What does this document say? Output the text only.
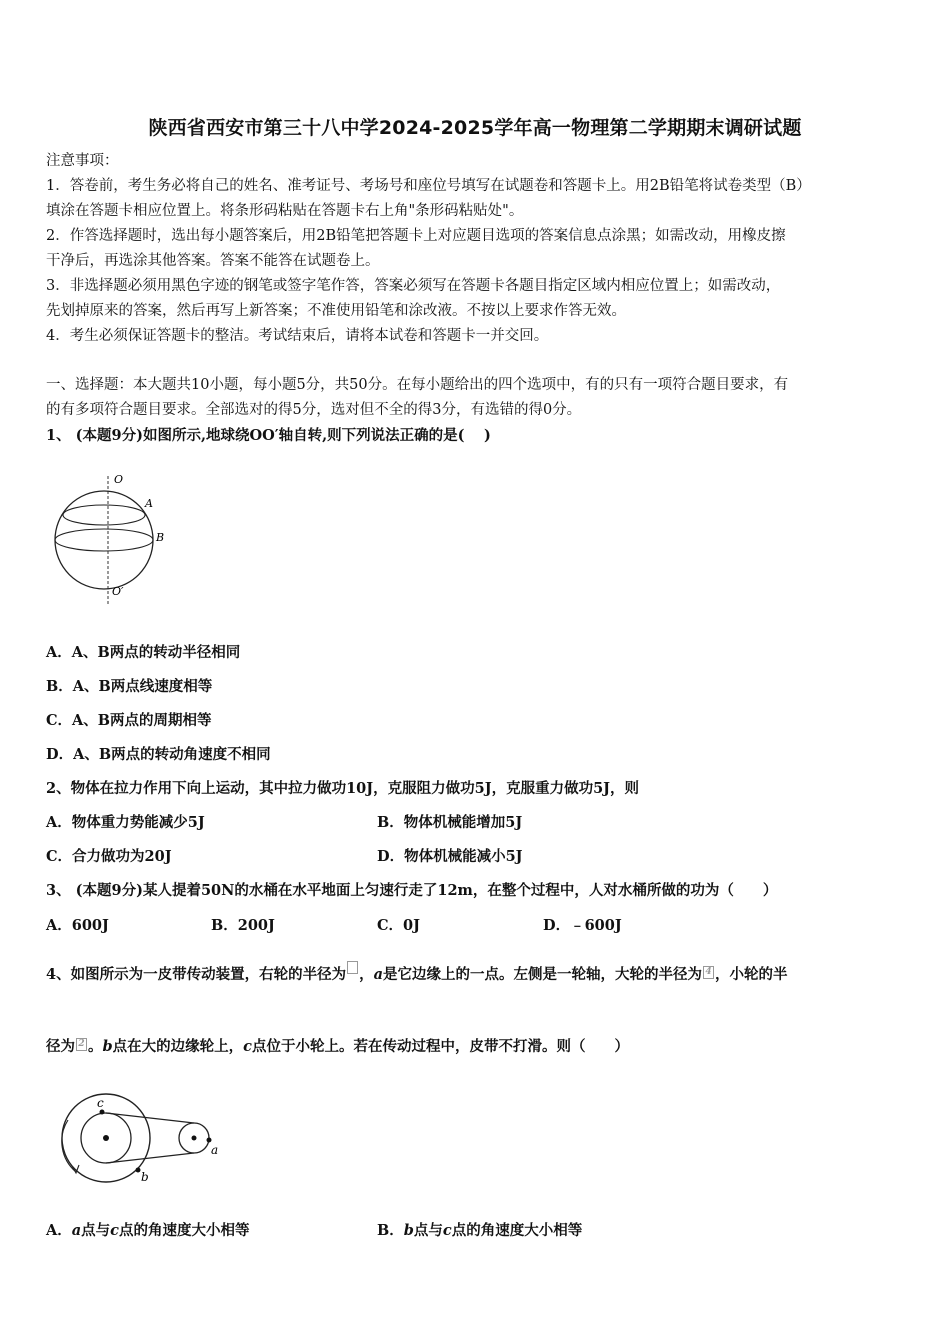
陕西省西安市第三十八中学2024-2025学年高一物理第二学期期末调研试题
注意事项：
1．答卷前，考生务必将自己的姓名、准考证号、考场号和座位号填写在试题卷和答题卡上。用2B铅笔将试卷类型（B）
填涂在答题卡相应位置上。将条形码粘贴在答题卡右上角"条形码粘贴处"。
2．作答选择题时，选出每小题答案后，用2B铅笔把答题卡上对应题目选项的答案信息点涂黑；如需改动，用橡皮擦
干净后，再选涂其他答案。答案不能答在试题卷上。
3．非选择题必须用黑色字迹的钢笔或签字笔作答，答案必须写在答题卡各题目指定区域内相应位置上；如需改动，
先划掉原来的答案，然后再写上新答案；不准使用铅笔和涂改液。不按以上要求作答无效。
4．考生必须保证答题卡的整洁。考试结束后，请将本试卷和答题卡一并交回。
一、选择题：本大题共10小题，每小题5分，共50分。在每小题给出的四个选项中，有的只有一项符合题目要求，有
的有多项符合题目要求。全部选对的得5分，选对但不全的得3分，有选错的得0分。
1、 (本题9分)如图所示,地球绕OO′轴自转,则下列说法正确的是(　 )
O
A
B
O′
A．A、B两点的转动半径相同
B．A、B两点线速度相等
C．A、B两点的周期相等
D．A、B两点的转动角速度不相同
2、物体在拉力作用下向上运动，其中拉力做功10J，克服阻力做功5J，克服重力做功5J，则
A．物体重力势能减少5J	B．物体机械能增加5J
C．合力做功为20J	D．物体机械能减小5J
3、 (本题9分)某人提着50N的水桶在水平地面上匀速行走了12m，在整个过程中，人对水桶所做的功为（　　）
A．600J	B．200J	C．0J	D．﹣600J
4、如图所示为一皮带传动装置，右轮的半径为 ，a是它边缘上的一点。左侧是一轮轴，大轮的半径为 4 ，小轮的半
径为 2 。b点在大的边缘轮上，c点位于小轮上。若在传动过程中，皮带不打滑。则（　　）
c
a
b
A．a点与c点的角速度大小相等	B．b点与c点的角速度大小相等
